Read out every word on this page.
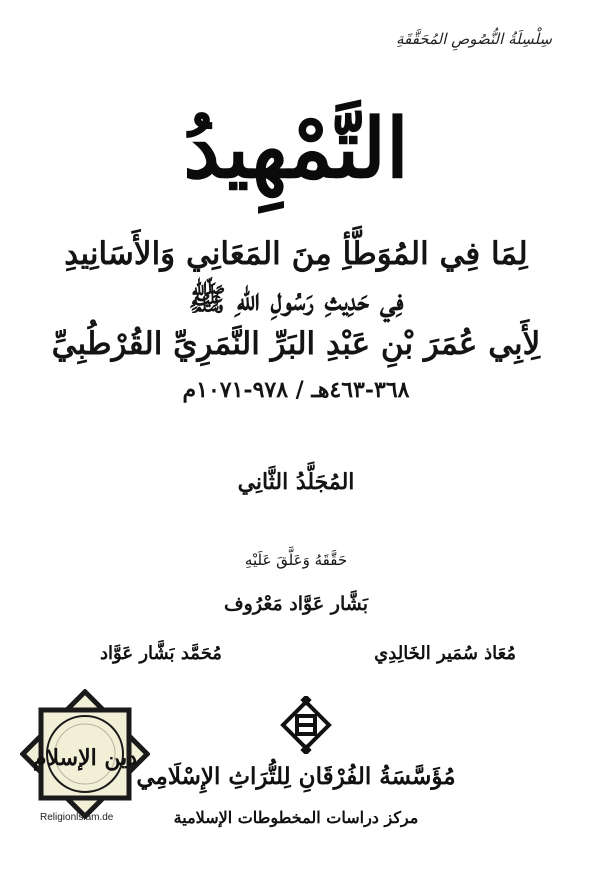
سِلْسِلَةُ النُّصُوصِ المُحَقَّقَةِ
التَّمْهِيدُ
لِمَا فِي المُوَطَّأِ مِنَ المَعَانِي وَالأَسَانِيدِ
فِي حَدِيثِ رَسُولِ اللهِ ﷺ
لِأَبِي عُمَرَ بْنِ عَبْدِ البَرِّ النَّمَرِيِّ القُرْطُبِيِّ
٣٦٨-٤٦٣هـ / ٩٧٨-١٠٧١م
المُجَلَّدُ الثَّانِي
حَقَّقَهُ وَعَلَّقَ عَلَيْهِ
بَشَّار عَوَّاد مَعْرُوف
مُعَاذ سُمَير الخَالِدِي
مُحَمَّد بَشَّار عَوَّاد
مُؤَسَّسَةُ الفُرْقَانِ لِلتُّرَاثِ الإِسْلَامِي
مركز دراسات المخطوطات الإسلامية
دين الإسلام
Religionlslam.de
